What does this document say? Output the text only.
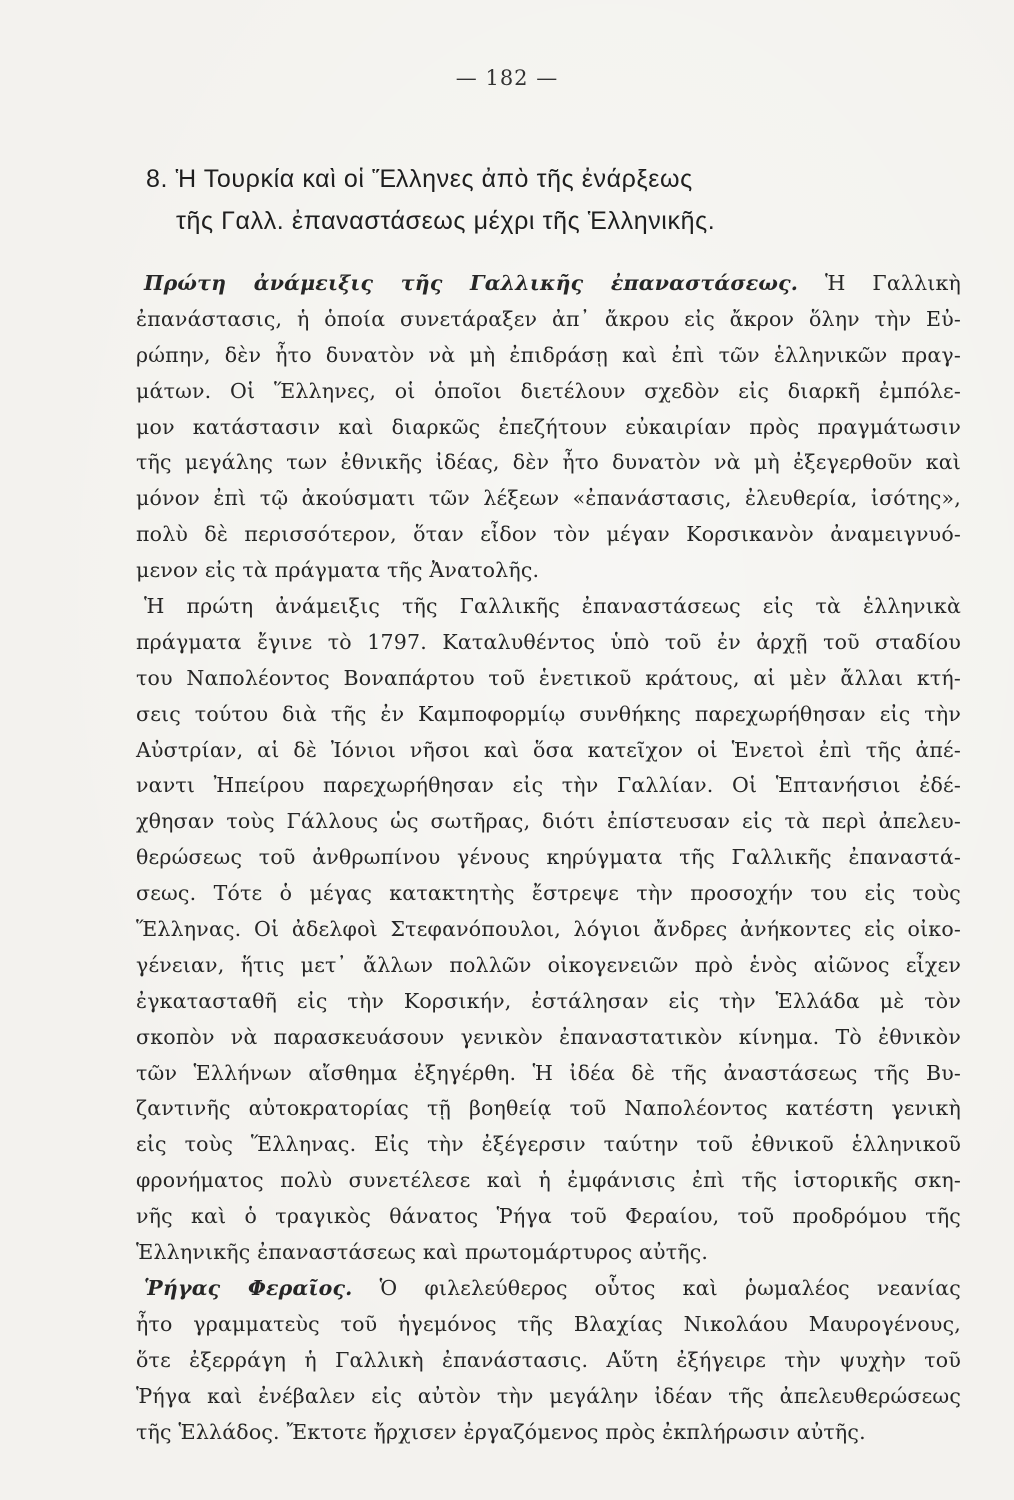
— 182 —
8. Ἡ Τουρκία καὶ οἱ Ἕλληνες ἀπὸ τῆς ἐνάρξεως
τῆς Γαλλ. ἐπαναστάσεως μέχρι τῆς Ἑλληνικῆς.
Πρώτη ἀνάμειξις τῆς Γαλλικῆς ἐπαναστάσεως. Ἡ Γαλλικὴ
ἐπανάστασις, ἡ ὁποία συνετάραξεν ἀπ᾽ ἄκρου εἰς ἄκρον ὅλην τὴν Εὐ-
ρώπην, δὲν ἦτο δυνατὸν νὰ μὴ ἐπιδράσῃ καὶ ἐπὶ τῶν ἑλληνικῶν πραγ-
μάτων. Οἱ Ἕλληνες, οἱ ὁποῖοι διετέλουν σχεδὸν εἰς διαρκῆ ἐμπόλε-
μον κατάστασιν καὶ διαρκῶς ἐπεζήτουν εὐκαιρίαν πρὸς πραγμάτωσιν
τῆς μεγάλης των ἐθνικῆς ἰδέας, δὲν ἦτο δυνατὸν νὰ μὴ ἐξεγερθοῦν καὶ
μόνον ἐπὶ τῷ ἀκούσματι τῶν λέξεων «ἐπανάστασις, ἐλευθερία, ἰσότης»,
πολὺ δὲ περισσότερον, ὅταν εἶδον τὸν μέγαν Κορσικανὸν ἀναμειγνυό-
μενον εἰς τὰ πράγματα τῆς Ἀνατολῆς.
Ἡ πρώτη ἀνάμειξις τῆς Γαλλικῆς ἐπαναστάσεως εἰς τὰ ἑλληνικὰ
πράγματα ἔγινε τὸ 1797. Καταλυθέντος ὑπὸ τοῦ ἐν ἀρχῇ τοῦ σταδίου
του Ναπολέοντος Βοναπάρτου τοῦ ἑνετικοῦ κράτους, αἱ μὲν ἄλλαι κτή-
σεις τούτου διὰ τῆς ἐν Καμποφορμίῳ συνθήκης παρεχωρήθησαν εἰς τὴν
Αὐστρίαν, αἱ δὲ Ἰόνιοι νῆσοι καὶ ὅσα κατεῖχον οἱ Ἑνετοὶ ἐπὶ τῆς ἀπέ-
ναντι Ἠπείρου παρεχωρήθησαν εἰς τὴν Γαλλίαν. Οἱ Ἑπτανήσιοι ἐδέ-
χθησαν τοὺς Γάλλους ὡς σωτῆρας, διότι ἐπίστευσαν εἰς τὰ περὶ ἀπελευ-
θερώσεως τοῦ ἀνθρωπίνου γένους κηρύγματα τῆς Γαλλικῆς ἐπαναστά-
σεως. Τότε ὁ μέγας κατακτητὴς ἔστρεψε τὴν προσοχήν του εἰς τοὺς
Ἕλληνας. Οἱ ἀδελφοὶ Στεφανόπουλοι, λόγιοι ἄνδρες ἀνήκοντες εἰς οἰκο-
γένειαν, ἥτις μετ᾽ ἄλλων πολλῶν οἰκογενειῶν πρὸ ἑνὸς αἰῶνος εἶχεν
ἐγκατασταθῆ εἰς τὴν Κορσικήν, ἐστάλησαν εἰς τὴν Ἑλλάδα μὲ τὸν
σκοπὸν νὰ παρασκευάσουν γενικὸν ἐπαναστατικὸν κίνημα. Τὸ ἐθνικὸν
τῶν Ἑλλήνων αἴσθημα ἐξηγέρθη. Ἡ ἰδέα δὲ τῆς ἀναστάσεως τῆς Βυ-
ζαντινῆς αὐτοκρατορίας τῇ βοηθείᾳ τοῦ Ναπολέοντος κατέστη γενικὴ
εἰς τοὺς Ἕλληνας. Εἰς τὴν ἐξέγερσιν ταύτην τοῦ ἐθνικοῦ ἑλληνικοῦ
φρονήματος πολὺ συνετέλεσε καὶ ἡ ἐμφάνισις ἐπὶ τῆς ἱστορικῆς σκη-
νῆς καὶ ὁ τραγικὸς θάνατος Ῥήγα τοῦ Φεραίου, τοῦ προδρόμου τῆς
Ἑλληνικῆς ἐπαναστάσεως καὶ πρωτομάρτυρος αὐτῆς.
Ῥήγας Φεραῖος. Ὁ φιλελεύθερος οὗτος καὶ ῥωμαλέος νεανίας
ἦτο γραμματεὺς τοῦ ἡγεμόνος τῆς Βλαχίας Νικολάου Μαυρογένους,
ὅτε ἐξερράγη ἡ Γαλλικὴ ἐπανάστασις. Αὕτη ἐξήγειρε τὴν ψυχὴν τοῦ
Ῥήγα καὶ ἐνέβαλεν εἰς αὐτὸν τὴν μεγάλην ἰδέαν τῆς ἀπελευθερώσεως
τῆς Ἑλλάδος. Ἔκτοτε ἤρχισεν ἐργαζόμενος πρὸς ἐκπλήρωσιν αὐτῆς.
